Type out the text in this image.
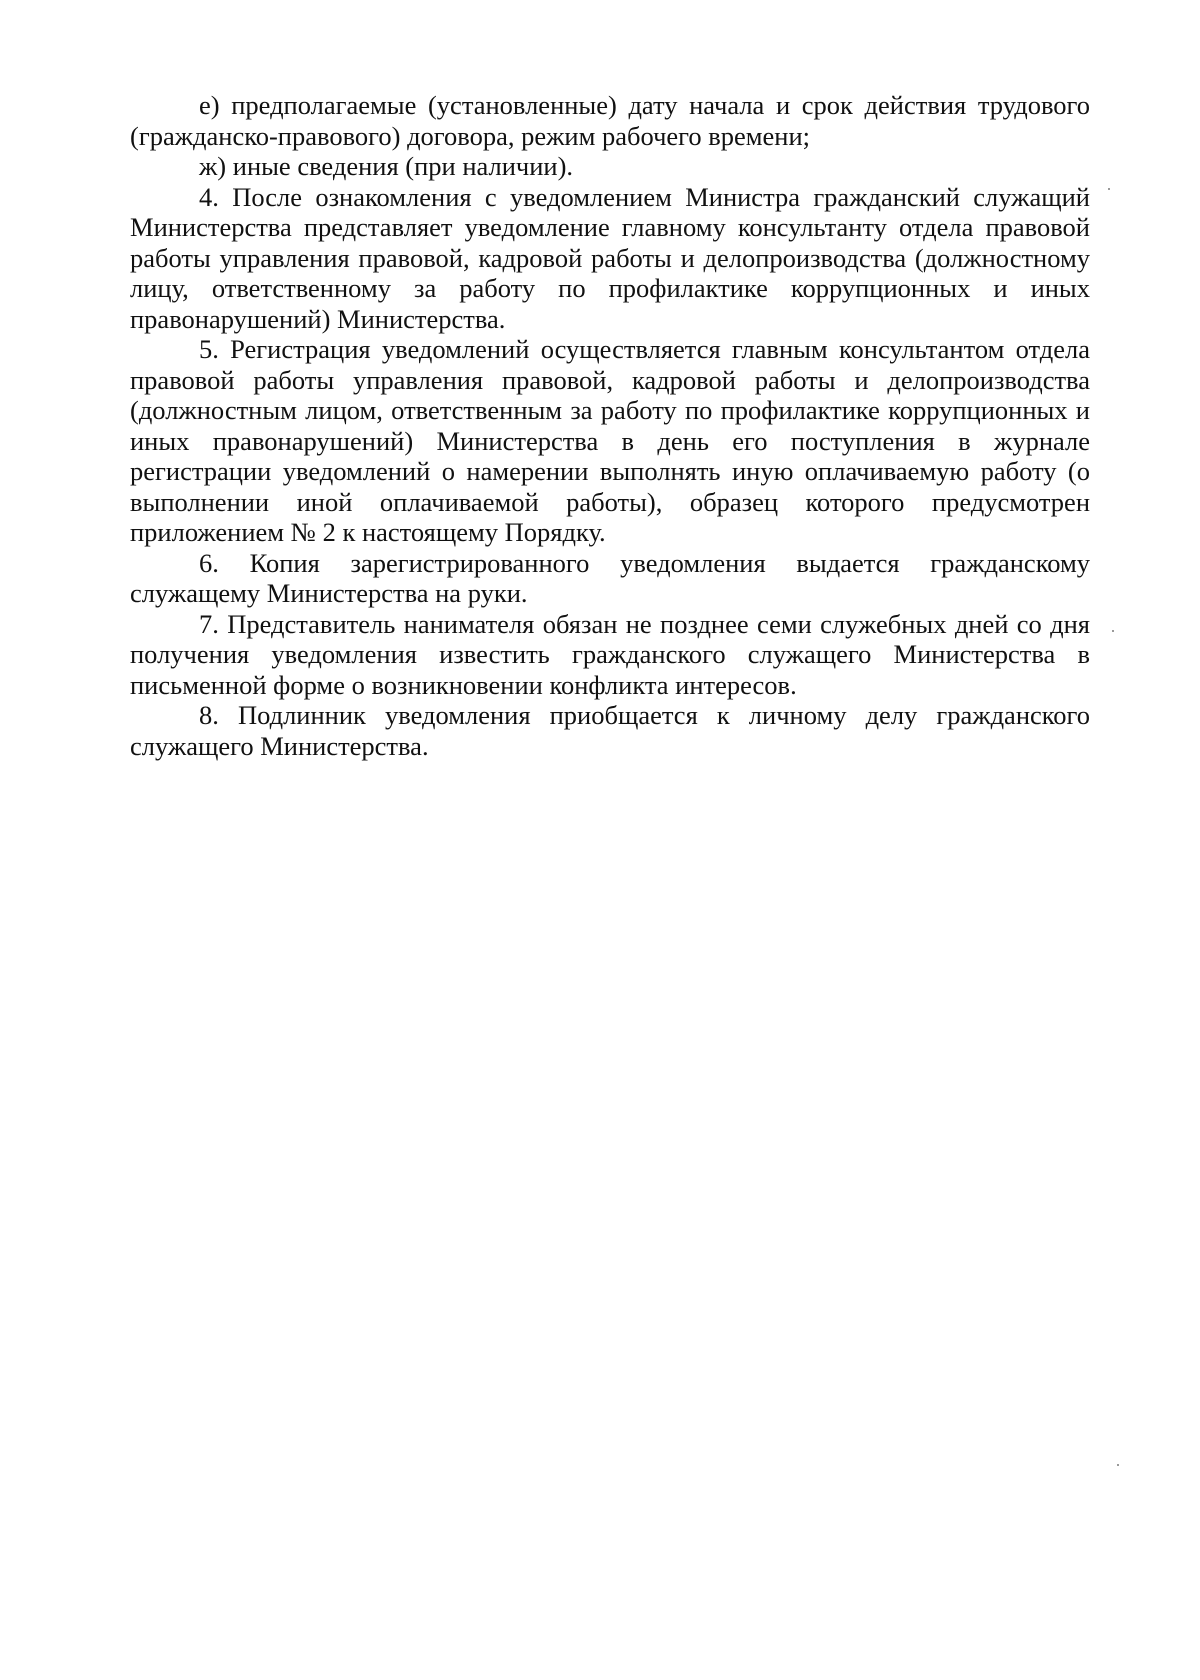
е) предполагаемые (установленные) дату начала и срок действия трудового (гражданско-правового) договора, режим рабочего времени;

ж) иные сведения (при наличии).

4. После ознакомления с уведомлением Министра гражданский служащий Министерства представляет уведомление главному консультанту отдела правовой работы управления правовой, кадровой работы и делопроизводства (должностному лицу, ответственному за работу по профилактике коррупционных и иных правонарушений) Министерства.

5. Регистрация уведомлений осуществляется главным консультантом отдела правовой работы управления правовой, кадровой работы и делопроизводства (должностным лицом, ответственным за работу по профилактике коррупционных и иных правонарушений) Министерства в день его поступления в журнале регистрации уведомлений о намерении выполнять иную оплачиваемую работу (о выполнении иной оплачиваемой работы), образец которого предусмотрен приложением № 2 к настоящему Порядку.

6. Копия зарегистрированного уведомления выдается гражданскому служащему Министерства на руки.

7. Представитель нанимателя обязан не позднее семи служебных дней со дня получения уведомления известить гражданского служащего Министерства в письменной форме о возникновении конфликта интересов.

8. Подлинник уведомления приобщается к личному делу гражданского служащего Министерства.
